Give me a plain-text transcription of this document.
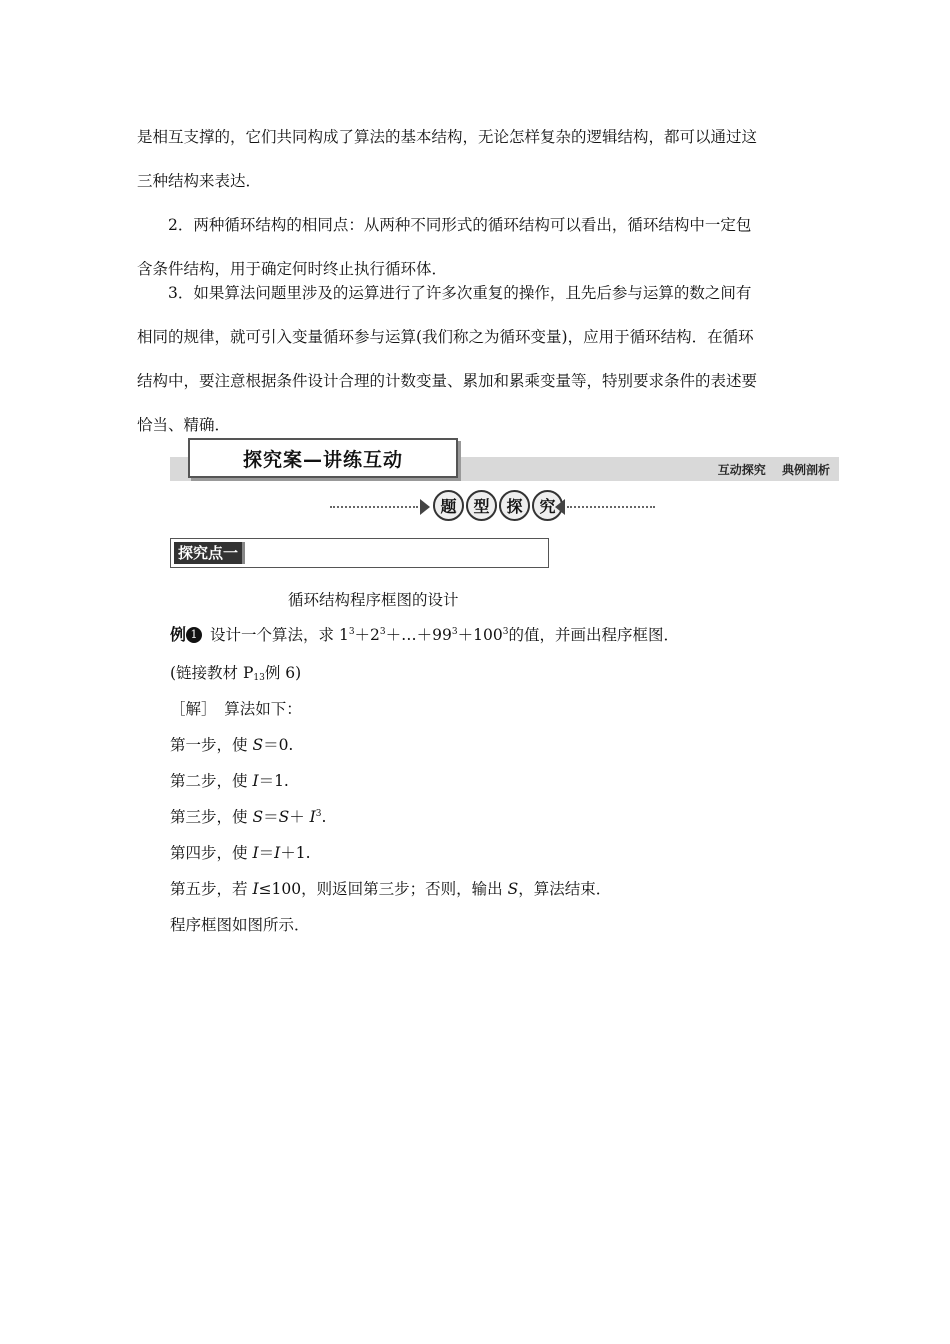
是相互支撑的，它们共同构成了算法的基本结构，无论怎样复杂的逻辑结构，都可以通过这
三种结构来表达．
2．两种循环结构的相同点：从两种不同形式的循环结构可以看出，循环结构中一定包
含条件结构，用于确定何时终止执行循环体．
3．如果算法问题里涉及的运算进行了许多次重复的操作，且先后参与运算的数之间有
相同的规律，就可引入变量循环参与运算(我们称之为循环变量)，应用于循环结构．在循环
结构中，要注意根据条件设计合理的计数变量、累加和累乘变量等，特别要求条件的表述要
恰当、精确．
探究案—讲练互动	互动探究 典例剖析
题	型	探	究
探究点一
循环结构程序框图的设计
例 1 设计一个算法，求 $1^3+2^3+\dots+99^3+100^3$的值，并画出程序框图．
(链接教材 $P_{13}$例 6)
［解］　算法如下：
第一步，使 S＝0.
第二步，使 I＝1.
第三步，使 $S=S+ I^3$.
第四步，使 I＝I＋1.
第五步，若 I≤100，则返回第三步；否则，输出 S，算法结束．
程序框图如图所示．
